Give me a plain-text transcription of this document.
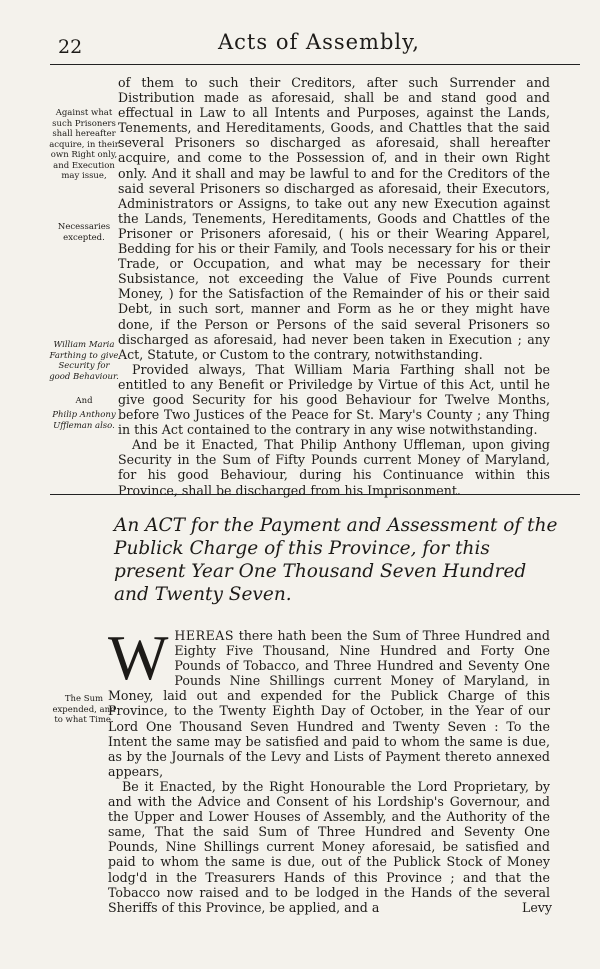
22	Acts of Assembly,
Against what such Prisoners shall hereafter acquire, in their own Right only, and Execution may issue,
Necessaries excepted.
William Maria Farthing to give Security for good Behaviour.
And
Philip Anthony Uffleman also.
The Sum expended, and to what Time.

of them to such their Creditors, after such Surrender and Distribution made as aforesaid, shall be and stand good and effectual in Law to all Intents and Purposes, against the Lands, Tenements, and Hereditaments, Goods, and Chattles that the said several Prisoners so discharged as aforesaid, shall hereafter acquire, and come to the Possession of, and in their own Right only. And it shall and may be lawful to and for the Creditors of the said several Prisoners so discharged as aforesaid, their Executors, Administrators or Assigns, to take out any new Execution against the Lands, Tenements, Hereditaments, Goods and Chattles of the Prisoner or Prisoners aforesaid, ( his or their Wearing Apparel, Bedding for his or their Family, and Tools necessary for his or their Trade, or Occupation, and what may be necessary for their Subsistance, not exceeding the Value of Five Pounds current Money, ) for the Satisfaction of the Remainder of his or their said Debt, in such sort, manner and Form as he or they might have done, if the Person or Persons of the said several Prisoners so discharged as aforesaid, had never been taken in Execution ; any Act, Statute, or Custom to the contrary, notwithstanding.

Provided always, That William Maria Farthing shall not be entitled to any Benefit or Priviledge by Virtue of this Act, until he give good Security for his good Behaviour for Twelve Months, before Two Justices of the Peace for St. Mary's County ; any Thing in this Act contained to the contrary in any wise notwithstanding.

And be it Enacted, That Philip Anthony Uffleman, upon giving Security in the Sum of Fifty Pounds current Money of Maryland, for his good Behaviour, during his Continuance within this Province, shall be discharged from his Imprisonment.

An ACT for the Payment and Assessment of the Publick Charge of this Province, for this present Year One Thousand Seven Hundred and Twenty Seven.

WHEREAS there hath been the Sum of Three Hundred and Eighty Five Thousand, Nine Hundred and Forty One Pounds of Tobacco, and Three Hundred and Seventy One Pounds Nine Shillings current Money of Maryland, in Money, laid out and expended for the Publick Charge of this Province, to the Twenty Eighth Day of October, in the Year of our Lord One Thousand Seven Hundred and Twenty Seven : To the Intent the same may be satisfied and paid to whom the same is due, as by the Journals of the Levy and Lists of Payment thereto annexed appears,

Be it Enacted, by the Right Honourable the Lord Proprietary, by and with the Advice and Consent of his Lordship's Governour, and the Upper and Lower Houses of Assembly, and the Authority of the same, That the said Sum of Three Hundred and Seventy One Pounds, Nine Shillings current Money aforesaid, be satisfied and paid to whom the same is due, out of the Publick Stock of Money lodg'd in the Treasurers Hands of this Province ; and that the Tobacco now raised and to be lodged in the Hands of the several Sheriffs of this Province, be applied, and a	Levy
